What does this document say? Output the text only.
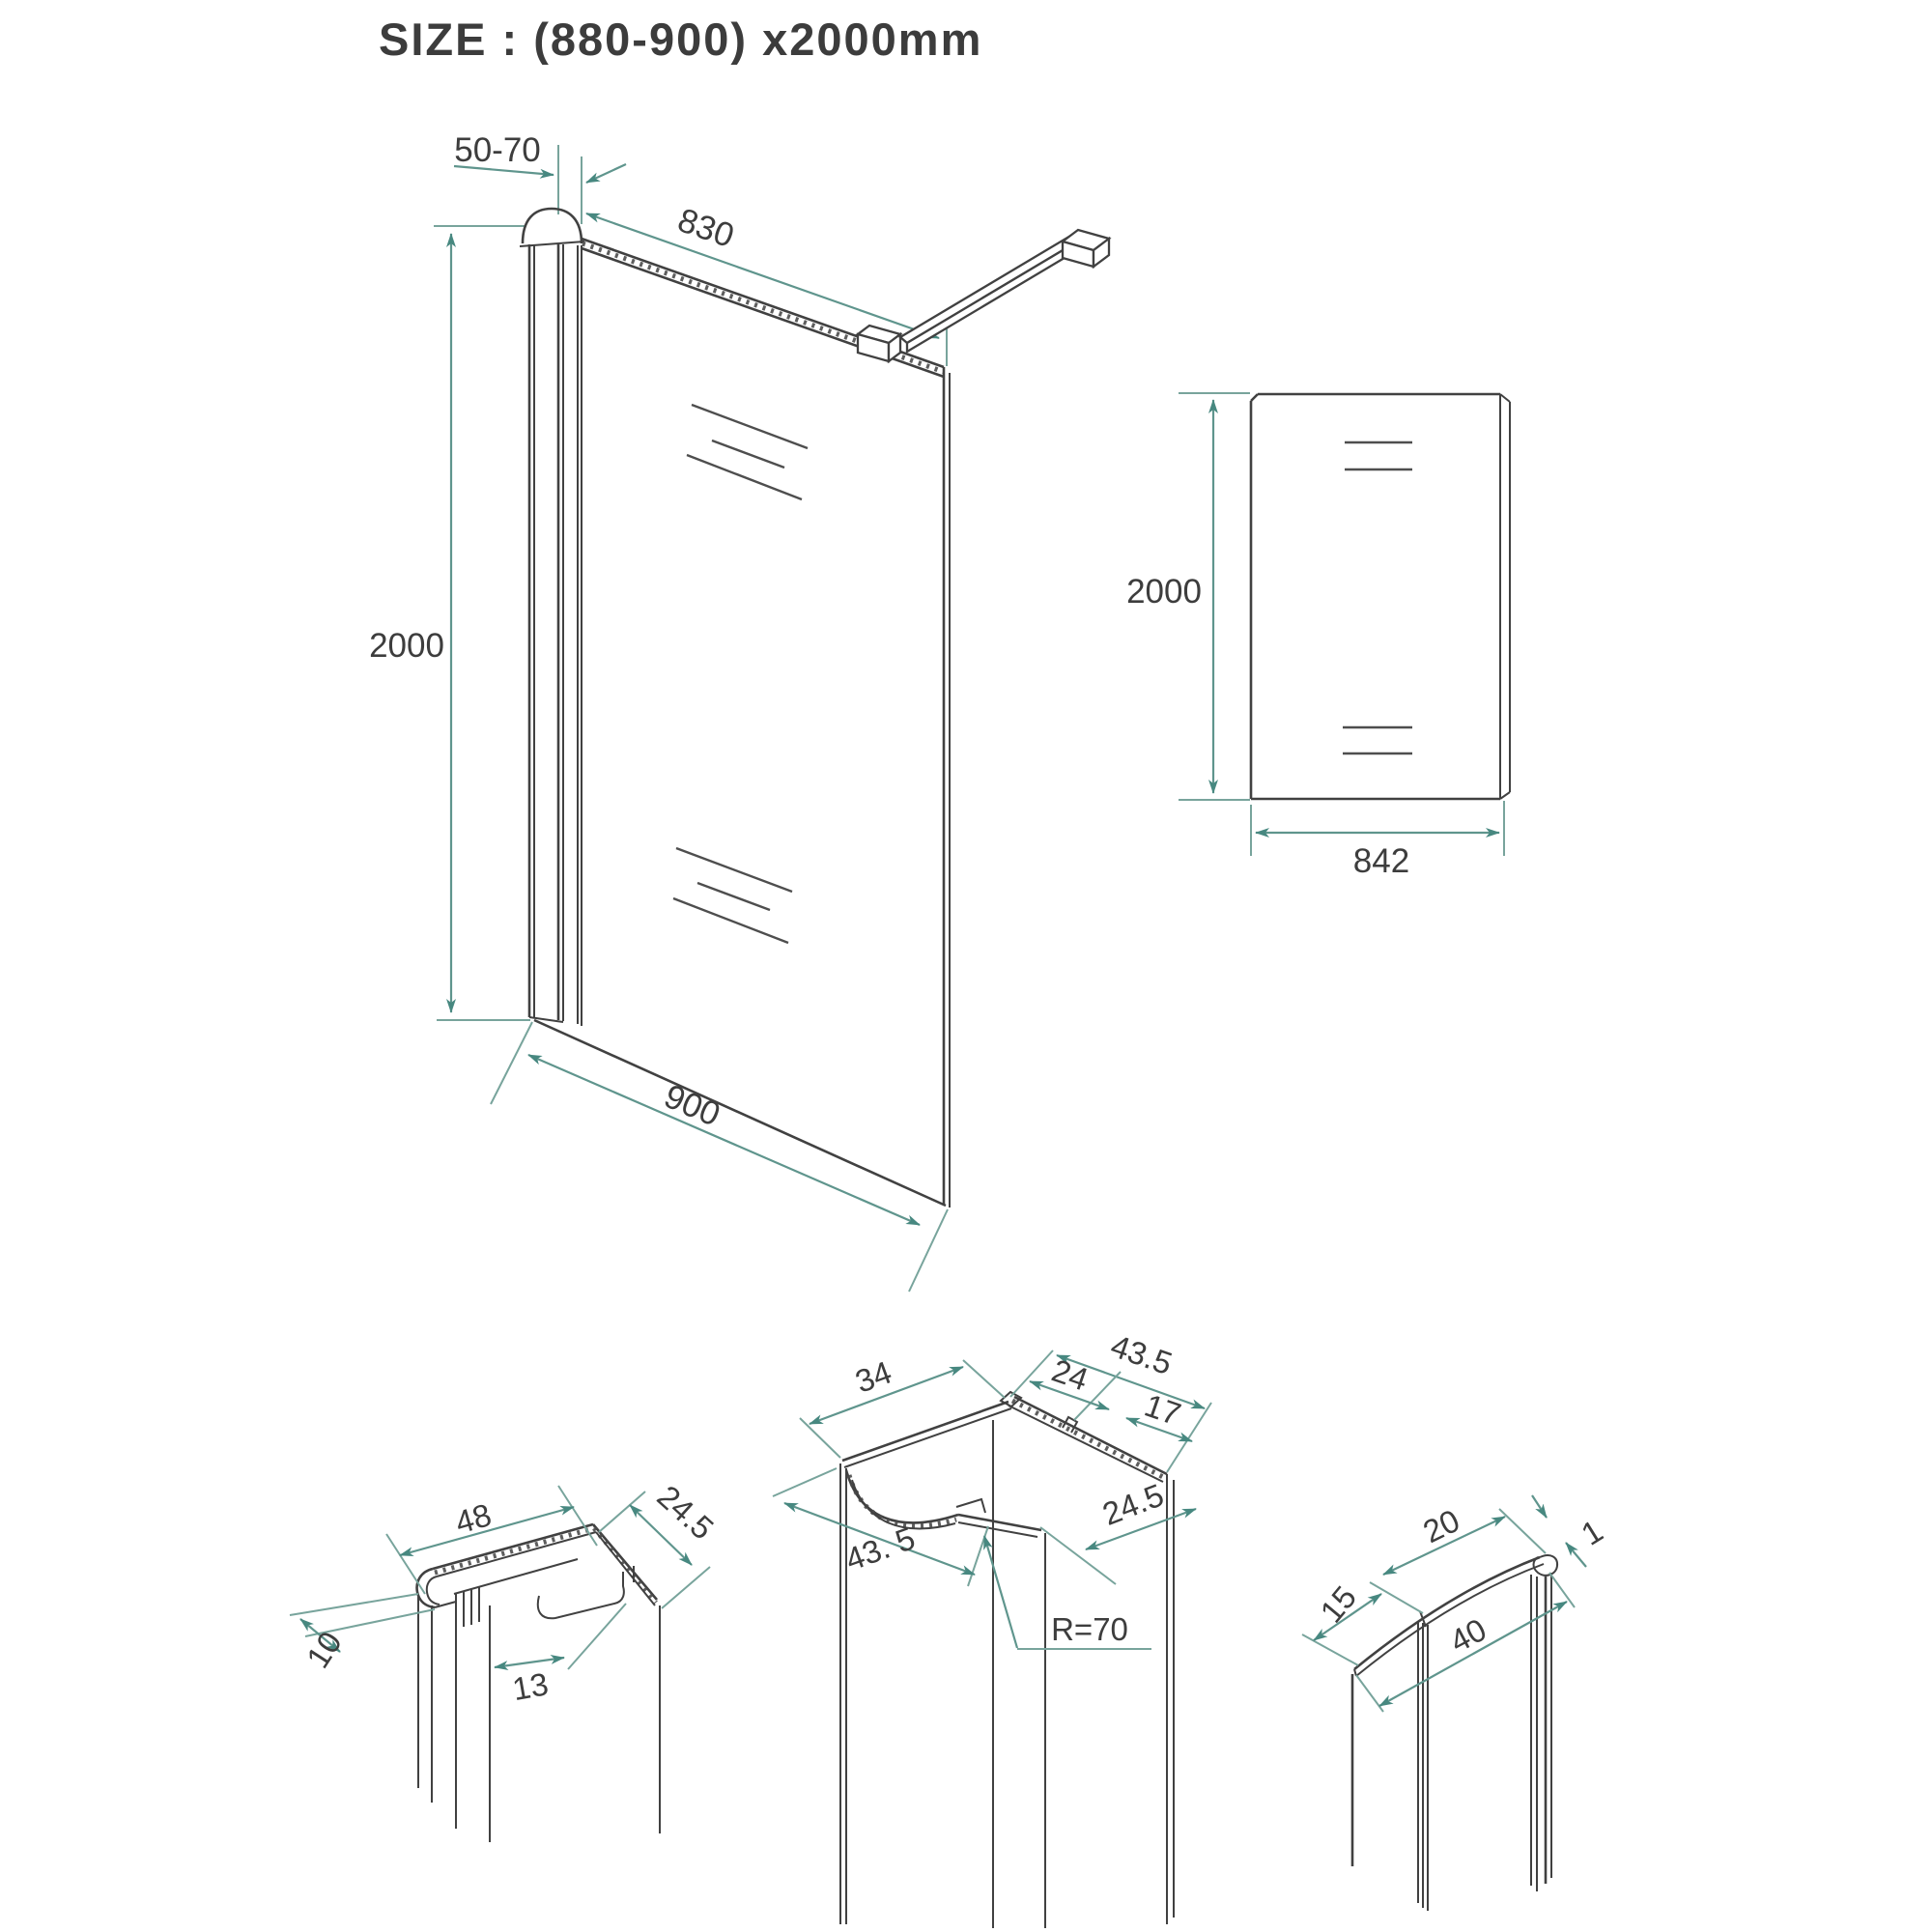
SIZE : (880-900) x2000mm
2000
50-70
830
900
2000
842
48	24.5
10
13
34	43.5
24
17
24.5
43. 5
R=70	15
20
40
1
